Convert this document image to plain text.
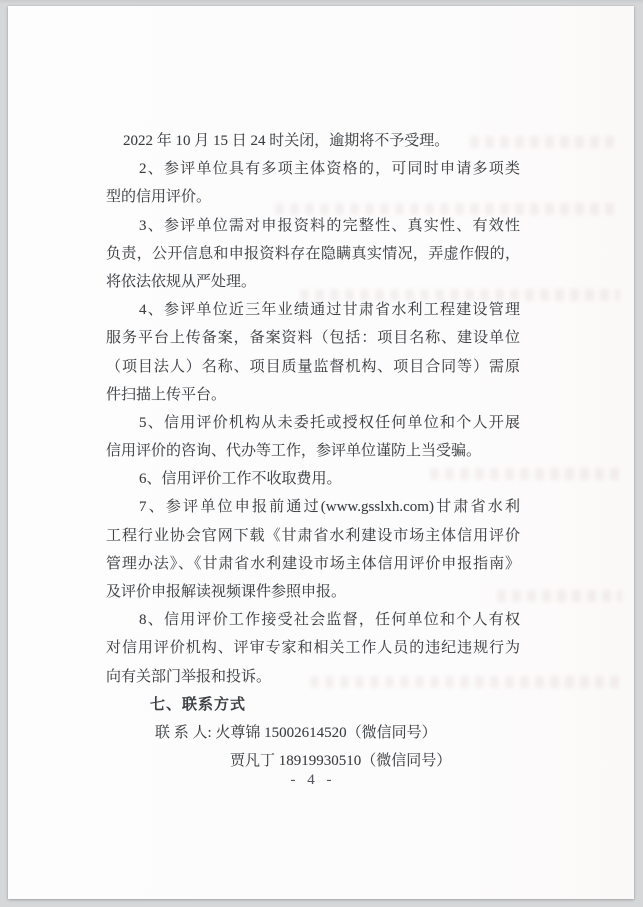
2022 年 10 月 15 日 24 时关闭，逾期将不予受理。
2、参评单位具有多项主体资格的，可同时申请多项类
型的信用评价。
3、参评单位需对申报资料的完整性、真实性、有效性
负责，公开信息和申报资料存在隐瞒真实情况，弄虚作假的，
将依法依规从严处理。
4、参评单位近三年业绩通过甘肃省水利工程建设管理
服务平台上传备案，备案资料（包括：项目名称、建设单位
（项目法人）名称、项目质量监督机构、项目合同等）需原
件扫描上传平台。
5、信用评价机构从未委托或授权任何单位和个人开展
信用评价的咨询、代办等工作，参评单位谨防上当受骗。
6、信用评价工作不收取费用。
7、参评单位申报前通过(www.gsslxh.com)甘肃省水利
工程行业协会官网下载《甘肃省水利建设市场主体信用评价
管理办法》、《甘肃省水利建设市场主体信用评价申报指南》
及评价申报解读视频课件参照申报。
8、信用评价工作接受社会监督，任何单位和个人有权
对信用评价机构、评审专家和相关工作人员的违纪违规行为
向有关部门举报和投诉。
七、联系方式
联 系 人: 火尊锦 15002614520（微信同号）
贾凡丁 18919930510（微信同号）
- 4 -
